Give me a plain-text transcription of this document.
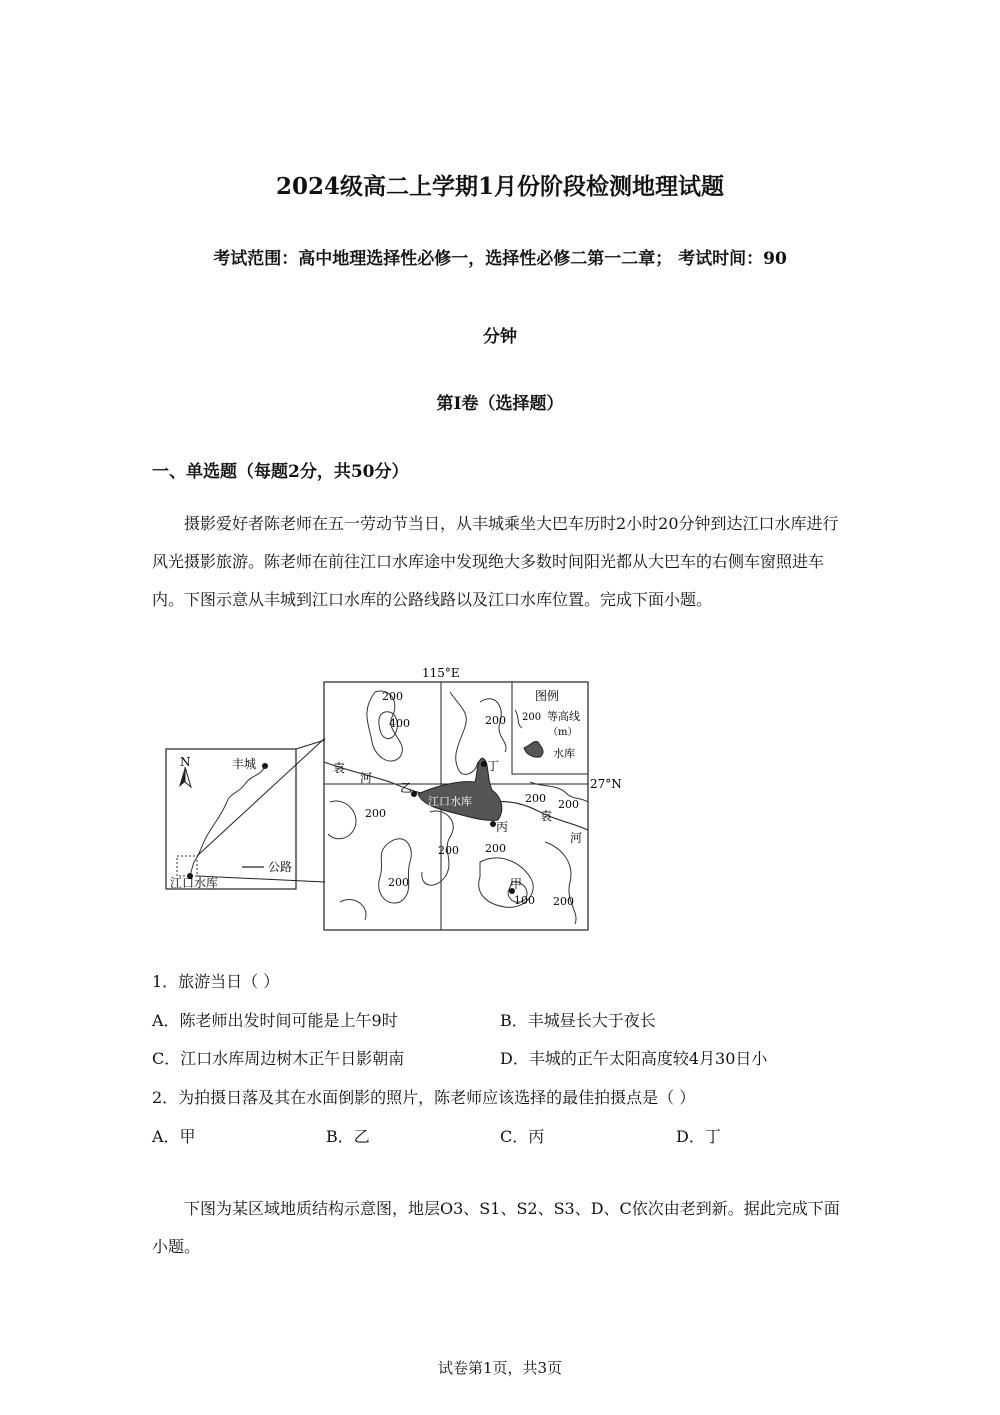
2024级高二上学期1月份阶段检测地理试题
考试范围：高中地理选择性必修一，选择性必修二第一二章； 考试时间：90
分钟
第I卷（选择题）
一、单选题（每题2分，共50分）

摄影爱好者陈老师在五一劳动节当日，从丰城乘坐大巴车历时2小时20分钟到达江口水库进行风光摄影旅游。陈老师在前往江口水库途中发现绝大多数时间阳光都从大巴车的右侧车窗照进车内。下图示意从丰城到江口水库的公路线路以及江口水库位置。完成下面小题。

N	丰城
江口水库
公路
115°E
27°N
江口水库
袁
河
袁
河
丁
乙
丙
甲
200
400	200
200 200
200
200 200
200
100 200
图例
200 等高线
（m）
水库
1．旅游当日（ ）
A．陈老师出发时间可能是上午9时	B．丰城昼长大于夜长
C．江口水库周边树木正午日影朝南	D．丰城的正午太阳高度较4月30日小
2．为拍摄日落及其在水面倒影的照片，陈老师应该选择的最佳拍摄点是（ ）
A．甲	B．乙	C．丙	D．丁

下图为某区域地质结构示意图，地层O3、S1、S2、S3、D、C依次由老到新。据此完成下面小题。

试卷第1页，共3页
